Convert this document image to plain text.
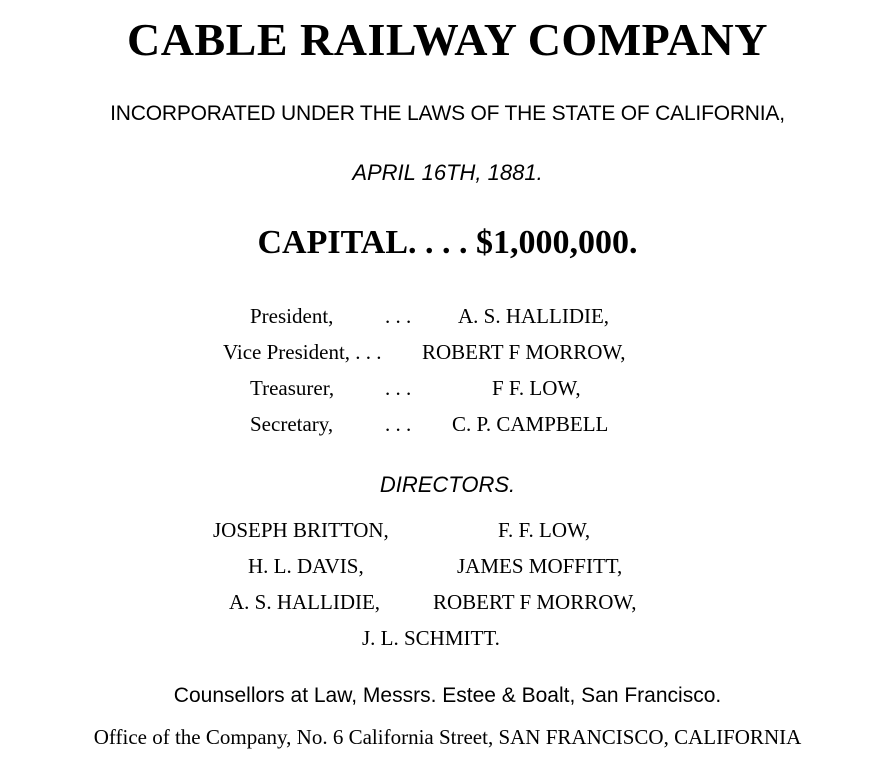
CABLE RAILWAY COMPANY
INCORPORATED UNDER THE LAWS OF THE STATE OF CALIFORNIA,
APRIL 16TH, 1881.
CAPITAL. . . . $1,000,000.
President, . . . A. S. HALLIDIE,
Vice President, . . . ROBERT F MORROW,
Treasurer, . . .	F F. LOW,
Secretary, . . . C. P. CAMPBELL
DIRECTORS.
JOSEPH BRITTON,	F. F. LOW,
H. L. DAVIS,	JAMES MOFFITT,
A. S. HALLIDIE,	ROBERT F MORROW,
J. L. SCHMITT.
Counsellors at Law, Messrs. Estee & Boalt, San Francisco.
Office of the Company, No. 6 California Street, SAN FRANCISCO, CALIFORNIA
